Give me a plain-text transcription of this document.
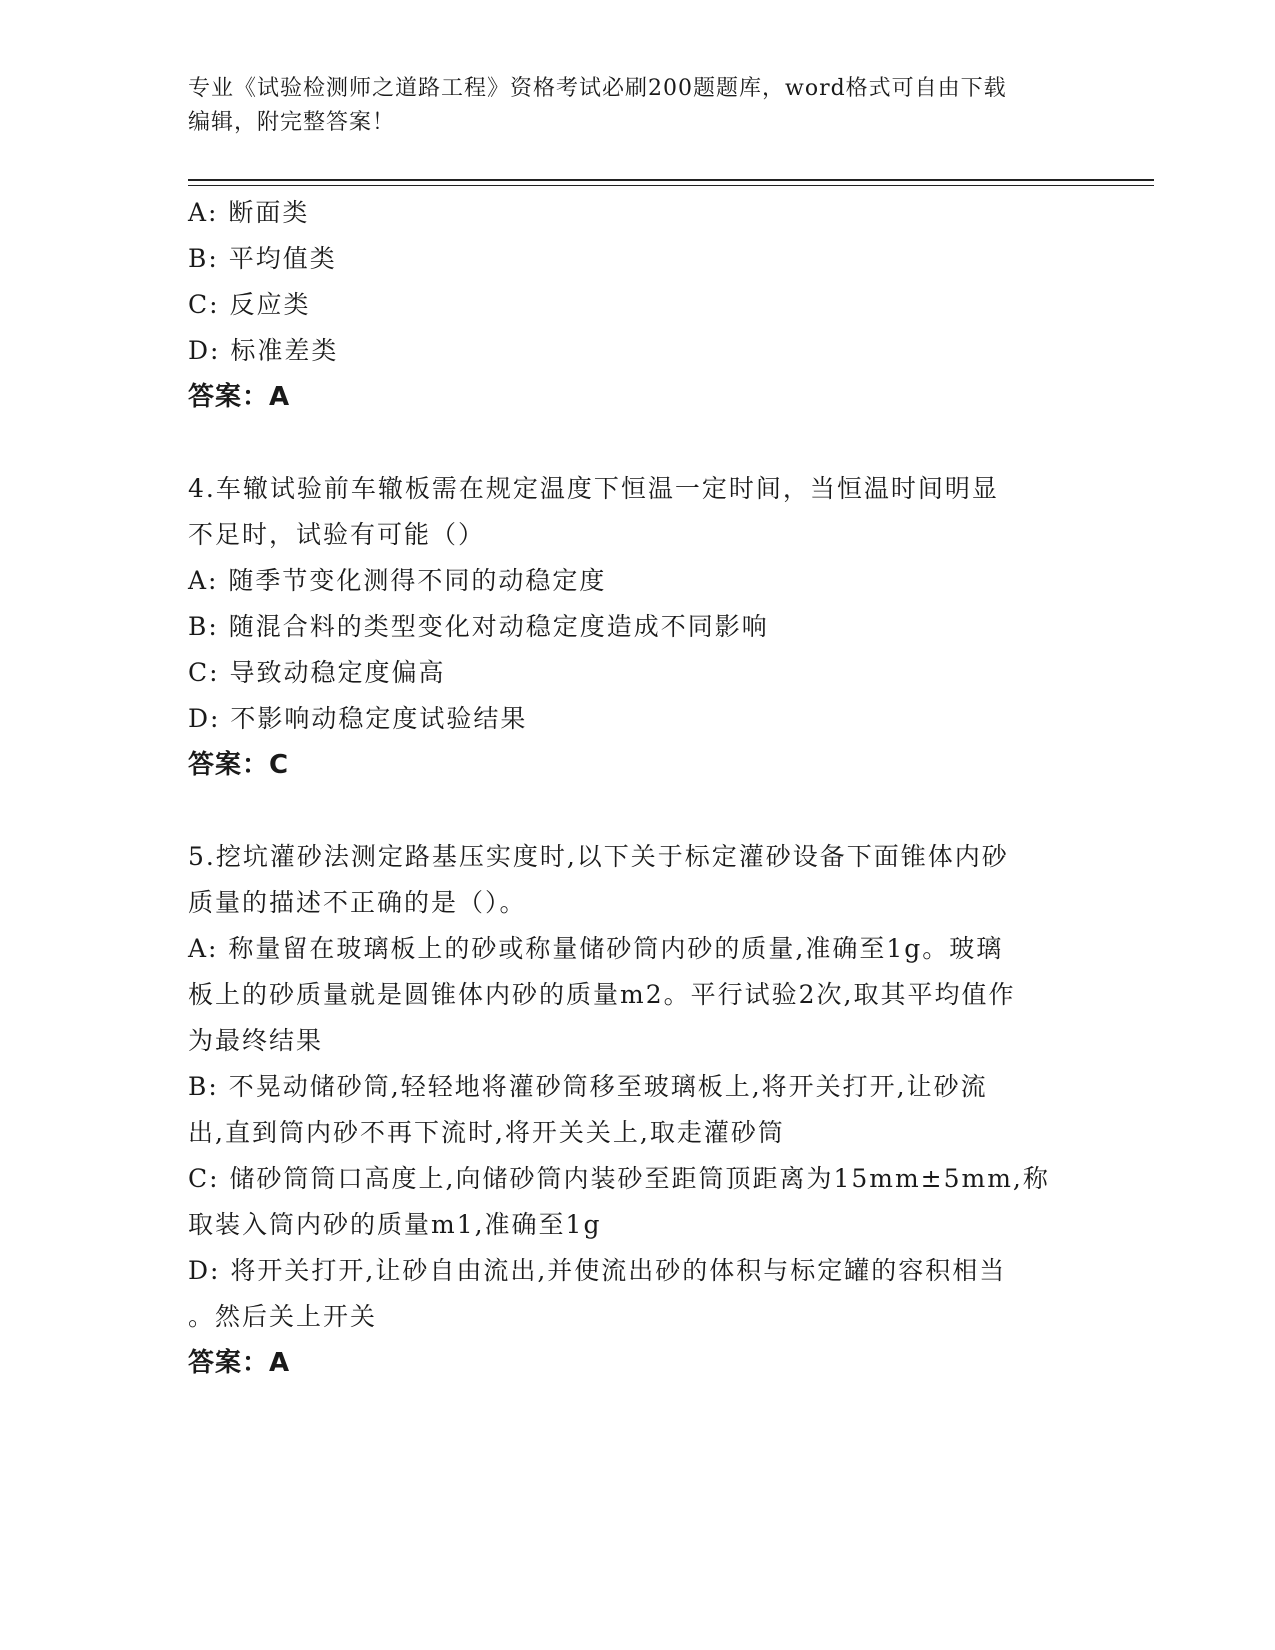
专业《试验检测师之道路工程》资格考试必刷200题题库，word格式可自由下载
编辑，附完整答案！
A: 断面类
B: 平均值类
C: 反应类
D: 标准差类
答案：A
4.车辙试验前车辙板需在规定温度下恒温一定时间，当恒温时间明显
不足时，试验有可能（）
A: 随季节变化测得不同的动稳定度
B: 随混合料的类型变化对动稳定度造成不同影响
C: 导致动稳定度偏高
D: 不影响动稳定度试验结果
答案：C
5.挖坑灌砂法测定路基压实度时,以下关于标定灌砂设备下面锥体内砂
质量的描述不正确的是（）。
A: 称量留在玻璃板上的砂或称量储砂筒内砂的质量,准确至1g。玻璃
板上的砂质量就是圆锥体内砂的质量m2。平行试验2次,取其平均值作
为最终结果
B: 不晃动储砂筒,轻轻地将灌砂筒移至玻璃板上,将开关打开,让砂流
出,直到筒内砂不再下流时,将开关关上,取走灌砂筒
C: 储砂筒筒口高度上,向储砂筒内装砂至距筒顶距离为15mm±5mm,称
取装入筒内砂的质量m1,准确至1g
D: 将开关打开,让砂自由流出,并使流出砂的体积与标定罐的容积相当
。然后关上开关
答案：A
